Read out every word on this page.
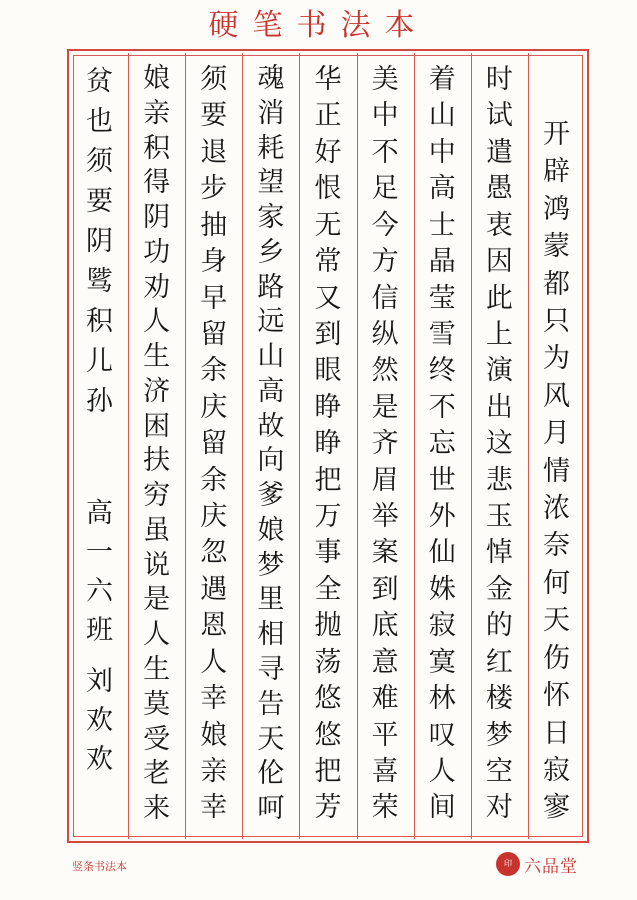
硬笔书法本
开
辟
鸿
蒙
都
只
为
风
月
情
浓
奈
何
天
伤
怀
日
寂
寥
时
试
遣
愚
衷
因
此
上
演
出
这
悲
玉
悼
金
的
红
楼
梦
空
对
着
山
中
高
士
晶
莹
雪
终
不
忘
世
外
仙
姝
寂
寞
林
叹
人
间
美
中
不
足
今
方
信
纵
然
是
齐
眉
举
案
到
底
意
难
平
喜
荣
华
正
好
恨
无
常
又
到
眼
睁
睁
把
万
事
全
抛
荡
悠
悠
把
芳
魂
消
耗
望
家
乡
路
远
山
高
故
向
爹
娘
梦
里
相
寻
告
天
伦
呵
须
要
退
步
抽
身
早
留
余
庆
留
余
庆
忽
遇
恩
人
幸
娘
亲
幸
娘
亲
积
得
阴
功
劝
人
生
济
困
扶
穷
虽
说
是
人
生
莫
受
老
来
贫
也
须
要
阴
骘
积
儿
孙
高
一
六
班
刘
欢
欢
竖条书法本	印 六品堂
